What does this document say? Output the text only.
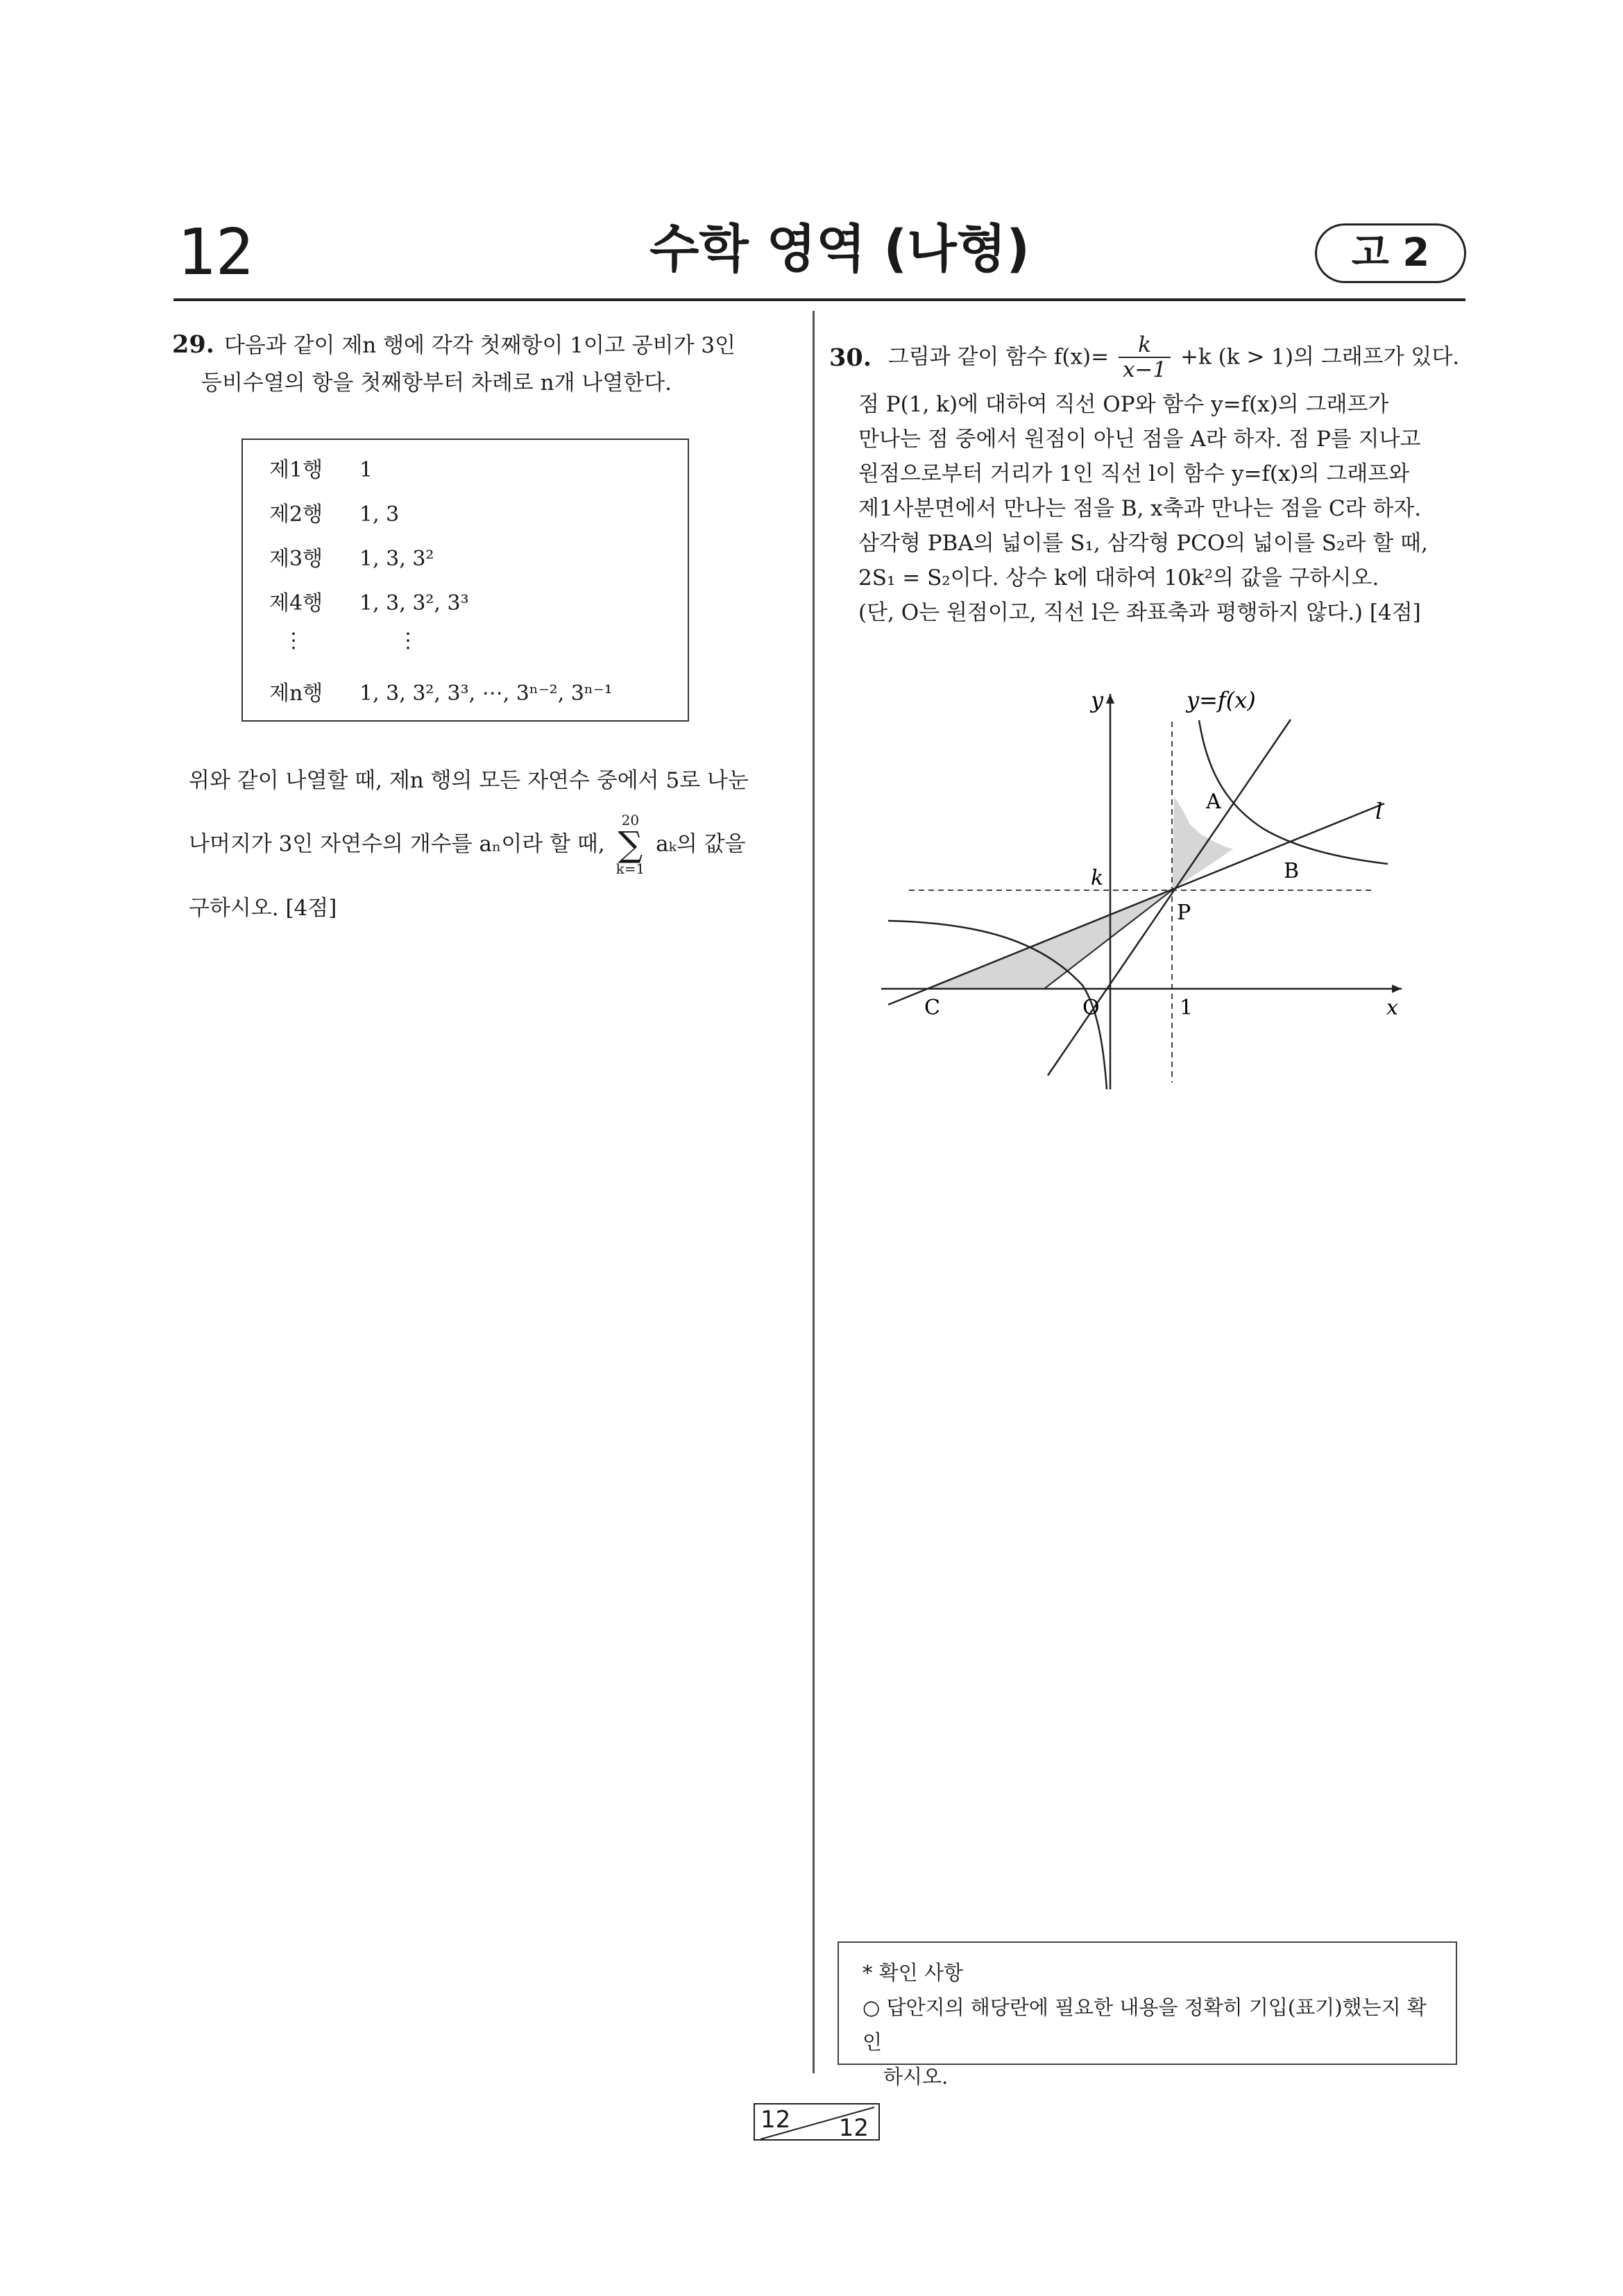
12	수학 영역 (나형)	고 2
29. 다음과 같이 제n 행에 각각 첫째항이 1이고 공비가 3인
등비수열의 항을 첫째항부터 차례로 n개 나열한다.
제1행 1
제2행 1, 3
제3행 1, 3, 3²
제4행 1, 3, 3², 3³
⋮	⋮
제n행 1, 3, 3², 3³, ⋯, 3ⁿ⁻², 3ⁿ⁻¹
위와 같이 나열할 때, 제n 행의 모든 자연수 중에서 5로 나눈
나머지가 3인 자연수의 개수를 aₙ이라 할 때,
20
∑
k=1
aₖ의 값을
구하시오. [4점]
30. 그림과 같이 함수 $f(x)= \frac{k}{x-1} +k$ (k > 1)의 그래프가 있다.
점 P(1, k)에 대하여 직선 OP와 함수 y=f(x)의 그래프가
만나는 점 중에서 원점이 아닌 점을 A라 하자. 점 P를 지나고
원점으로부터 거리가 1인 직선 l이 함수 y=f(x)의 그래프와
제1사분면에서 만나는 점을 B, x축과 만나는 점을 C라 하자.
삼각형 PBA의 넓이를 S₁, 삼각형 PCO의 넓이를 S₂라 할 때,
2S₁ = S₂이다. 상수 k에 대하여 10k²의 값을 구하시오.
(단, O는 원점이고, 직선 l은 좌표축과 평행하지 않다.) [4점]
y	y=f(x)
A	l
B
k
P
C	O	1	x
* 확인 사항
○ 답안지의 해당란에 필요한 내용을 정확히 기입(표기)했는지 확인
하시오.
12 12
